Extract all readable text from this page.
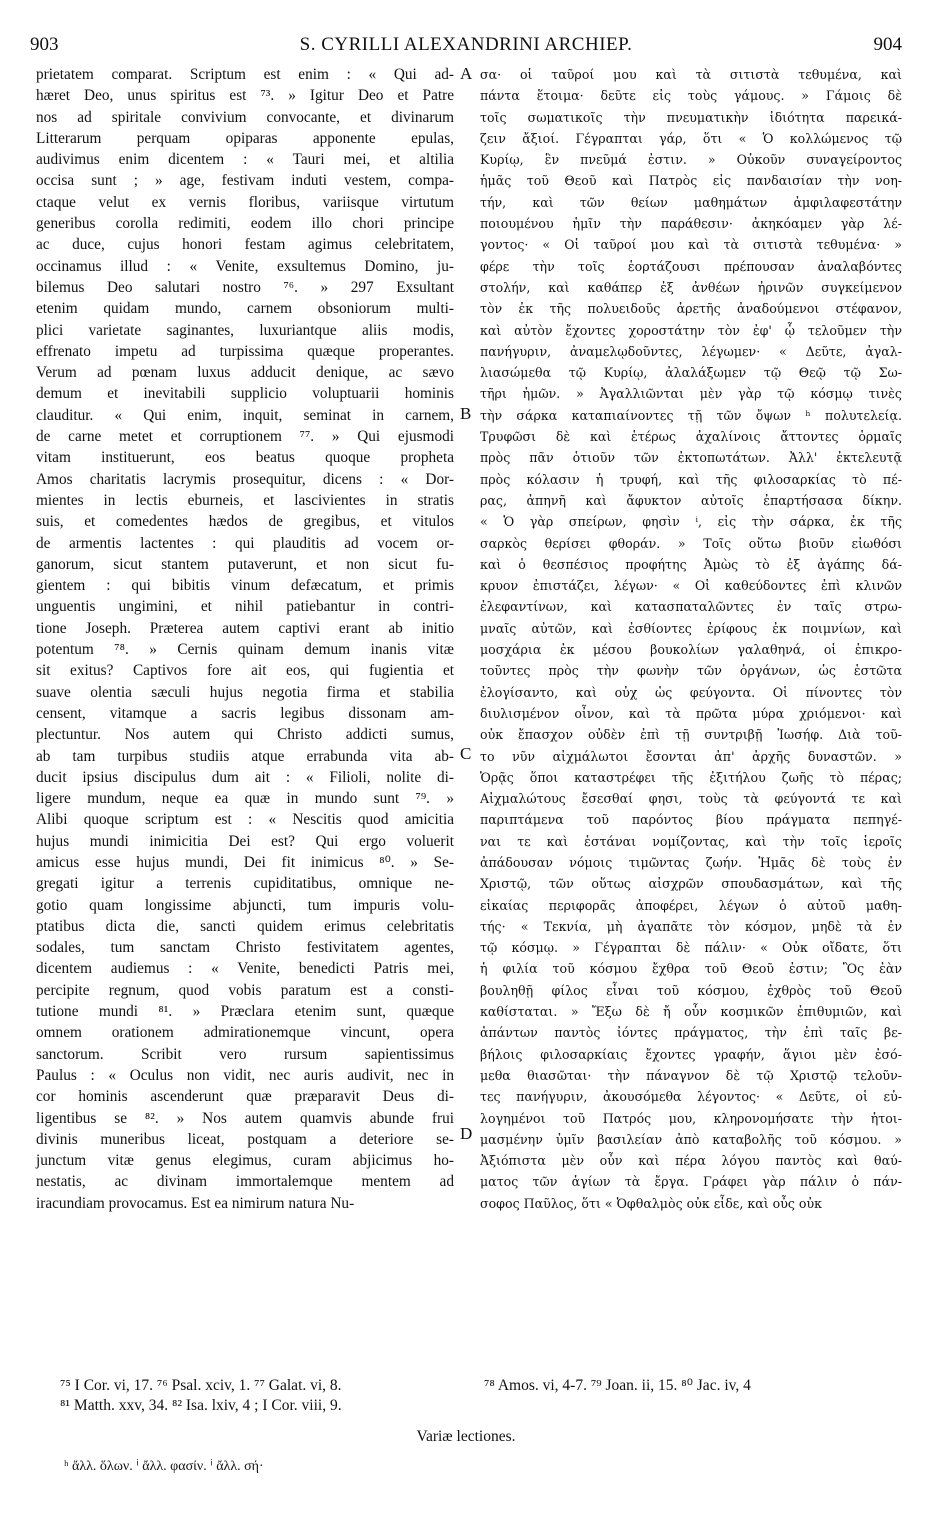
903	S. CYRILLI ALEXANDRINI ARCHIEP.	904
prietatem comparat. Scriptum est enim : « Qui ad-
hæret Deo, unus spiritus est ⁷³. » Igitur Deo et Patre
nos ad spiritale convivium convocante, et divinarum
Litterarum perquam opiparas apponente epulas,
audivimus enim dicentem : « Tauri mei, et altilia
occisa sunt ; » age, festivam induti vestem, compa-
ctaque velut ex vernis floribus, variisque virtutum
generibus corolla redimiti, eodem illo chori principe
ac duce, cujus honori festam agimus celebritatem,
occinamus illud : « Venite, exsultemus Domino, ju-
bilemus Deo salutari nostro ⁷⁶. » 297 Exsultant
etenim quidam mundo, carnem obsoniorum multi-
plici varietate saginantes, luxuriantque aliis modis,
effrenato impetu ad turpissima quæque properantes.
Verum ad pœnam luxus adducit denique, ac sævo
demum et inevitabili supplicio voluptuarii hominis
clauditur. « Qui enim, inquit, seminat in carnem,
de carne metet et corruptionem ⁷⁷. » Qui ejusmodi
vitam instituerunt, eos beatus quoque propheta
Amos charitatis lacrymis prosequitur, dicens : « Dor-
mientes in lectis eburneis, et lascivientes in stratis
suis, et comedentes hædos de gregibus, et vitulos
de armentis lactentes : qui plauditis ad vocem or-
ganorum, sicut stantem putaverunt, et non sicut fu-
gientem : qui bibitis vinum defæcatum, et primis
unguentis ungimini, et nihil patiebantur in contri-
tione Joseph. Præterea autem captivi erant ab initio
potentum ⁷⁸. » Cernis quinam demum inanis vitæ
sit exitus? Captivos fore ait eos, qui fugientia et
suave olentia sæculi hujus negotia firma et stabilia
censent, vitamque a sacris legibus dissonam am-
plectuntur. Nos autem qui Christo addicti sumus,
ab tam turpibus studiis atque errabunda vita ab-
ducit ipsius discipulus dum ait : « Filioli, nolite di-
ligere mundum, neque ea quæ in mundo sunt ⁷⁹. »
Alibi quoque scriptum est : « Nescitis quod amicitia
hujus mundi inimicitia Dei est? Qui ergo voluerit
amicus esse hujus mundi, Dei fit inimicus ⁸⁰. » Se-
gregati igitur a terrenis cupiditatibus, omnique ne-
gotio quam longissime abjuncti, tum impuris volu-
ptatibus dicta die, sancti quidem erimus celebritatis
sodales, tum sanctam Christo festivitatem agentes,
dicentem audiemus : « Venite, benedicti Patris mei,
percipite regnum, quod vobis paratum est a consti-
tutione mundi ⁸¹. » Præclara etenim sunt, quæque
omnem orationem admirationemque vincunt, opera
sanctorum. Scribit vero rursum sapientissimus
Paulus : « Oculus non vidit, nec auris audivit, nec in
cor hominis ascenderunt quæ præparavit Deus di-
ligentibus se ⁸². » Nos autem quamvis abunde frui
divinis muneribus liceat, postquam a deteriore se-
junctum vitæ genus elegimus, curam abjicimus ho-
nestatis, ac divinam immortalemque mentem ad
iracundiam provocamus. Est ea nimirum natura Nu-
σα· οἱ ταῦροί μου καὶ τὰ σιτιστὰ τεθυμένα, καὶ
πάντα ἕτοιμα· δεῦτε εἰς τοὺς γάμους. » Γάμοις δὲ
τοῖς σωματικοῖς τὴν πνευματικὴν ἰδιότητα παρεικά-
ζειν ἄξιοί. Γέγραπται γάρ, ὅτι « Ὁ κολλώμενος τῷ
Κυρίῳ, ἓν πνεῦμά ἐστιν. » Οὐκοῦν συναγείροντος
ἡμᾶς τοῦ Θεοῦ καὶ Πατρὸς εἰς πανδαισίαν τὴν νοη-
τήν, καὶ τῶν θείων μαθημάτων ἀμφιλαφεστάτην
ποιουμένου ἡμῖν τὴν παράθεσιν· ἀκηκόαμεν γὰρ λέ-
γοντος· « Οἱ ταῦροί μου καὶ τὰ σιτιστὰ τεθυμένα· »
φέρε τὴν τοῖς ἑορτάζουσι πρέπουσαν ἀναλαβόντες
στολήν, καὶ καθάπερ ἐξ ἀνθέων ἠρινῶν συγκείμενον
τὸν ἐκ τῆς πολυειδοῦς ἀρετῆς ἀναδούμενοι στέφανον,
καὶ αὐτὸν ἔχοντες χοροστάτην τὸν ἐφ' ᾧ τελοῦμεν τὴν
πανήγυριν, ἀναμελῳδοῦντες, λέγωμεν· « Δεῦτε, ἀγαλ-
λιασώμεθα τῷ Κυρίῳ, ἀλαλάξωμεν τῷ Θεῷ τῷ Σω-
τῆρι ἡμῶν. » Ἀγαλλιῶνται μὲν γὰρ τῷ κόσμῳ τινὲς
τὴν σάρκα καταπιαίνοντες τῇ τῶν ὄψων ʰ πολυτελείᾳ.
Τρυφῶσι δὲ καὶ ἑτέρως ἀχαλίνοις ἄττοντες ὁρμαῖς
πρὸς πᾶν ὁτιοῦν τῶν ἐκτοπωτάτων. Ἀλλ' ἐκτελευτᾷ
πρὸς κόλασιν ἡ τρυφή, καὶ τῆς φιλοσαρκίας τὸ πέ-
ρας, ἀπηνῆ καὶ ἄφυκτον αὐτοῖς ἐπαρτήσασα δίκην.
« Ὁ γὰρ σπείρων, φησὶν ⁱ, εἰς τὴν σάρκα, ἐκ τῆς
σαρκὸς θερίσει φθοράν. » Τοῖς οὕτω βιοῦν εἰωθόσι
καὶ ὁ θεσπέσιος προφήτης Ἀμὼς τὸ ἐξ ἀγάπης δά-
κρυον ἐπιστάζει, λέγων· « Οἱ καθεύδοντες ἐπὶ κλινῶν
ἐλεφαντίνων, καὶ κατασπαταλῶντες ἐν ταῖς στρω-
μναῖς αὐτῶν, καὶ ἐσθίοντες ἐρίφους ἐκ ποιμνίων, καὶ
μοσχάρια ἐκ μέσου βουκολίων γαλαθηνά, οἱ ἐπικρο-
τοῦντες πρὸς τὴν φωνὴν τῶν ὀργάνων, ὡς ἑστῶτα
ἐλογίσαντο, καὶ οὐχ ὡς φεύγοντα. Οἱ πίνοντες τὸν
διυλισμένον οἶνον, καὶ τὰ πρῶτα μύρα χριόμενοι· καὶ
οὐκ ἔπασχον οὐδὲν ἐπὶ τῇ συντριβῇ Ἰωσήφ. Διὰ τοῦ-
το νῦν αἰχμάλωτοι ἔσονται ἀπ' ἀρχῆς δυναστῶν. »
Ὁρᾷς ὅποι καταστρέφει τῆς ἐξιτήλου ζωῆς τὸ πέρας;
Αἰχμαλώτους ἔσεσθαί φησι, τοὺς τὰ φεύγοντά τε καὶ
παριπτάμενα τοῦ παρόντος βίου πράγματα πεπηγέ-
ναι τε καὶ ἑστάναι νομίζοντας, καὶ τὴν τοῖς ἱεροῖς
ἀπάδουσαν νόμοις τιμῶντας ζωήν. Ἡμᾶς δὲ τοὺς ἐν
Χριστῷ, τῶν οὕτως αἰσχρῶν σπουδασμάτων, καὶ τῆς
εἰκαίας περιφορᾶς ἀποφέρει, λέγων ὁ αὐτοῦ μαθη-
τής· « Τεκνία, μὴ ἀγαπᾶτε τὸν κόσμον, μηδὲ τὰ ἐν
τῷ κόσμῳ. » Γέγραπται δὲ πάλιν· « Οὐκ οἴδατε, ὅτι
ἡ φιλία τοῦ κόσμου ἔχθρα τοῦ Θεοῦ ἐστιν; Ὃς ἐὰν
βουληθῇ φίλος εἶναι τοῦ κόσμου, ἐχθρὸς τοῦ Θεοῦ
καθίσταται. » Ἔξω δὲ ἤ οὖν κοσμικῶν ἐπιθυμιῶν, καὶ
ἁπάντων παντὸς ἰόντες πράγματος, τὴν ἐπὶ ταῖς βε-
βήλοις φιλοσαρκίαις ἔχοντες γραφήν, ἅγιοι μὲν ἐσό-
μεθα θιασῶται· τὴν πάναγνον δὲ τῷ Χριστῷ τελοῦν-
τες πανήγυριν, ἀκουσόμεθα λέγοντος· « Δεῦτε, οἱ εὐ-
λογημένοι τοῦ Πατρός μου, κληρονομήσατε τὴν ἡτοι-
μασμένην ὑμῖν βασιλείαν ἀπὸ καταβολῆς τοῦ κόσμου. »
Ἀξιόπιστα μὲν οὖν καὶ πέρα λόγου παντὸς καὶ θαύ-
ματος τῶν ἁγίων τὰ ἔργα. Γράφει γὰρ πάλιν ὁ πάν-
σοφος Παῦλος, ὅτι « Ὀφθαλμὸς οὐκ εἶδε, καὶ οὖς οὐκ
A
B
C
D
⁷⁵ I Cor. vi, 17. ⁷⁶ Psal. xciv, 1. ⁷⁷ Galat. vi, 8.
⁸¹ Matth. xxv, 34. ⁸² Isa. lxiv, 4 ; I Cor. viii, 9.
⁷⁸ Amos. vi, 4-7. ⁷⁹ Joan. ii, 15. ⁸⁰ Jac. iv, 4
Variæ lectiones.
ʰ ἄλλ. ὅλων. ⁱ ἄλλ. φασίν. ⁱ ἄλλ. σή·
